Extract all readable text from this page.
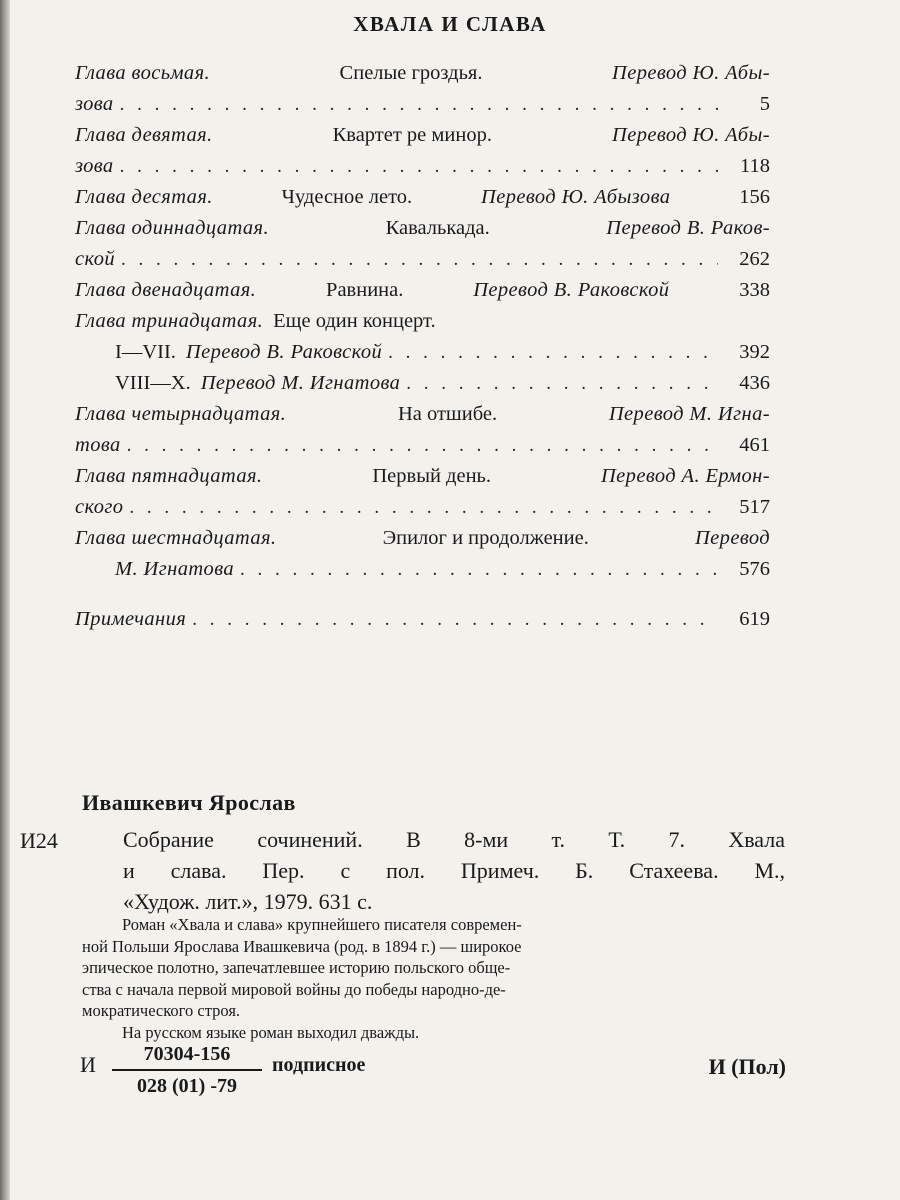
ХВАЛА И СЛАВА
Глава восьмая.	Спелые гроздья.	Перевод Ю. Абы-
зова . . .	5
Глава девятая.	Квартет ре минор.	Перевод Ю. Абы-
зова . . .	118
Глава десятая.	Чудесное лето.	Перевод Ю. Абызова	156
Глава одиннадцатая.	Кавалькада.	Перевод В. Раков-
ской . . .	262
Глава двенадцатая.	Равнина.	Перевод В. Раковской	338
Глава тринадцатая. Еще один концерт.
I—VII. Перевод В. Раковской . . .	392
VIII—X. Перевод М. Игнатова . . .	436
Глава четырнадцатая.	На отшибе.	Перевод М. Игна-
това . . .	461
Глава пятнадцатая.	Первый день.	Перевод А. Ермон-
ского . . .	517
Глава шестнадцатая.	Эпилог и продолжение.	Перевод
М. Игнатова . . .	576
Примечания . . .	619
Ивашкевич Ярослав
И24	Собрание сочинений. В 8-ми т. Т. 7. Хвала
и слава. Пер. с пол. Примеч. Б. Стахеева. М.,
«Худож. лит.», 1979. 631 с.
Роман «Хвала и слава» крупнейшего писателя современ-
ной Польши Ярослава Ивашкевича (род. в 1894 г.) — широкое
эпическое полотно, запечатлевшее историю польского обще-
ства с начала первой мировой войны до победы народно-де-
мократического строя.
На русском языке роман выходил дважды.
И	70304-156
028 (01) -79
подписное	И (Пол)
